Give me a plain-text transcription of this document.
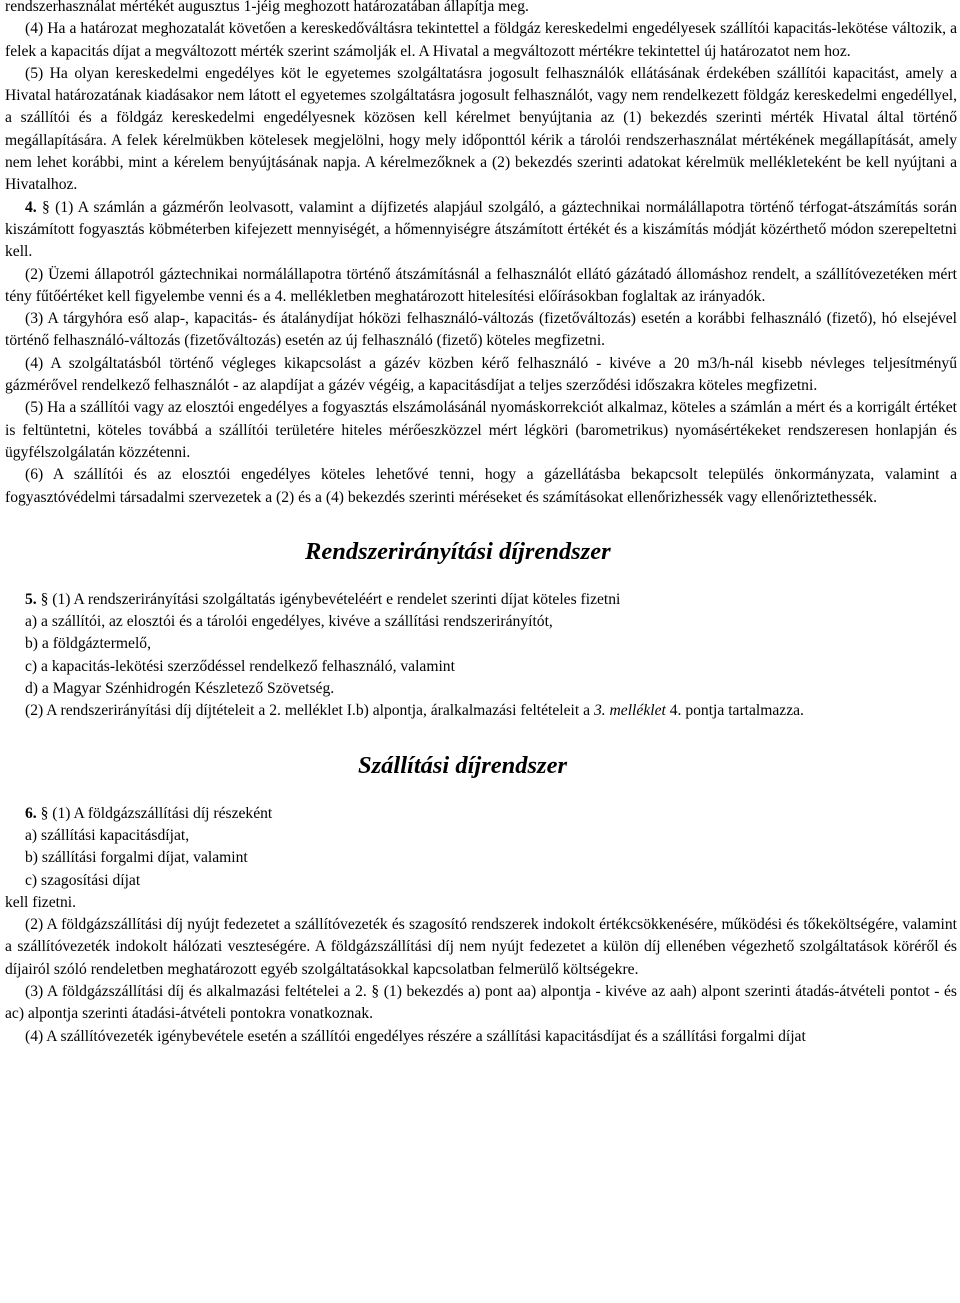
rendszerhasználat mértékét augusztus 1-jéig meghozott határozatában állapítja meg.

(4) Ha a határozat meghozatalát követően a kereskedőváltásra tekintettel a földgáz kereskedelmi engedélyesek szállítói kapacitás-lekötése változik, a felek a kapacitás díjat a megváltozott mérték szerint számolják el. A Hivatal a megváltozott mértékre tekintettel új határozatot nem hoz.

(5) Ha olyan kereskedelmi engedélyes köt le egyetemes szolgáltatásra jogosult felhasználók ellátásának érdekében szállítói kapacitást, amely a Hivatal határozatának kiadásakor nem látott el egyetemes szolgáltatásra jogosult felhasználót, vagy nem rendelkezett földgáz kereskedelmi engedéllyel, a szállítói és a földgáz kereskedelmi engedélyesnek közösen kell kérelmet benyújtania az (1) bekezdés szerinti mérték Hivatal által történő megállapítására. A felek kérelmükben kötelesek megjelölni, hogy mely időponttól kérik a tárolói rendszerhasználat mértékének megállapítását, amely nem lehet korábbi, mint a kérelem benyújtásának napja. A kérelmezőknek a (2) bekezdés szerinti adatokat kérelmük mellékleteként be kell nyújtani a Hivatalhoz.

4. § (1) A számlán a gázmérőn leolvasott, valamint a díjfizetés alapjául szolgáló, a gáztechnikai normálállapotra történő térfogat-átszámítás során kiszámított fogyasztás köbméterben kifejezett mennyiségét, a hőmennyiségre átszámított értékét és a kiszámítás módját közérthető módon szerepeltetni kell.

(2) Üzemi állapotról gáztechnikai normálállapotra történő átszámításnál a felhasználót ellátó gázátadó állomáshoz rendelt, a szállítóvezetéken mért tény fűtőértéket kell figyelembe venni és a 4. mellékletben meghatározott hitelesítési előírásokban foglaltak az irányadók.

(3) A tárgyhóra eső alap-, kapacitás- és átalánydíjat hóközi felhasználó-változás (fizetőváltozás) esetén a korábbi felhasználó (fizető), hó elsejével történő felhasználó-változás (fizetőváltozás) esetén az új felhasználó (fizető) köteles megfizetni.

(4) A szolgáltatásból történő végleges kikapcsolást a gázév közben kérő felhasználó - kivéve a 20 m3/h-nál kisebb névleges teljesítményű gázmérővel rendelkező felhasználót - az alapdíjat a gázév végéig, a kapacitásdíjat a teljes szerződési időszakra köteles megfizetni.

(5) Ha a szállítói vagy az elosztói engedélyes a fogyasztás elszámolásánál nyomáskorrekciót alkalmaz, köteles a számlán a mért és a korrigált értéket is feltüntetni, köteles továbbá a szállítói területére hiteles mérőeszközzel mért légköri (barometrikus) nyomásértékeket rendszeresen honlapján és ügyfélszolgálatán közzétenni.

(6) A szállítói és az elosztói engedélyes köteles lehetővé tenni, hogy a gázellátásba bekapcsolt település önkormányzata, valamint a fogyasztóvédelmi társadalmi szervezetek a (2) és a (4) bekezdés szerinti méréseket és számításokat ellenőrizhessék vagy ellenőriztethessék.

Rendszerirányítási díjrendszer

5. § (1) A rendszerirányítási szolgáltatás igénybevételéért e rendelet szerinti díjat köteles fizetni

a) a szállítói, az elosztói és a tárolói engedélyes, kivéve a szállítási rendszerirányítót,

b) a földgáztermelő,

c) a kapacitás-lekötési szerződéssel rendelkező felhasználó, valamint

d) a Magyar Szénhidrogén Készletező Szövetség.

(2) A rendszerirányítási díj díjtételeit a 2. melléklet I.b) alpontja, áralkalmazási feltételeit a 3. melléklet 4. pontja tartalmazza.

Szállítási díjrendszer

6. § (1) A földgázszállítási díj részeként

a) szállítási kapacitásdíjat,

b) szállítási forgalmi díjat, valamint

c) szagosítási díjat

kell fizetni.

(2) A földgázszállítási díj nyújt fedezetet a szállítóvezeték és szagosító rendszerek indokolt értékcsökkenésére, működési és tőkeköltségére, valamint a szállítóvezeték indokolt hálózati veszteségére. A földgázszállítási díj nem nyújt fedezetet a külön díj ellenében végezhető szolgáltatások köréről és díjairól szóló rendeletben meghatározott egyéb szolgáltatásokkal kapcsolatban felmerülő költségekre.

(3) A földgázszállítási díj és alkalmazási feltételei a 2. § (1) bekezdés a) pont aa) alpontja - kivéve az aah) alpont szerinti átadás-átvételi pontot - és ac) alpontja szerinti átadási-átvételi pontokra vonatkoznak.

(4) A szállítóvezeték igénybevétele esetén a szállítói engedélyes részére a szállítási kapacitásdíjat és a szállítási forgalmi díjat
